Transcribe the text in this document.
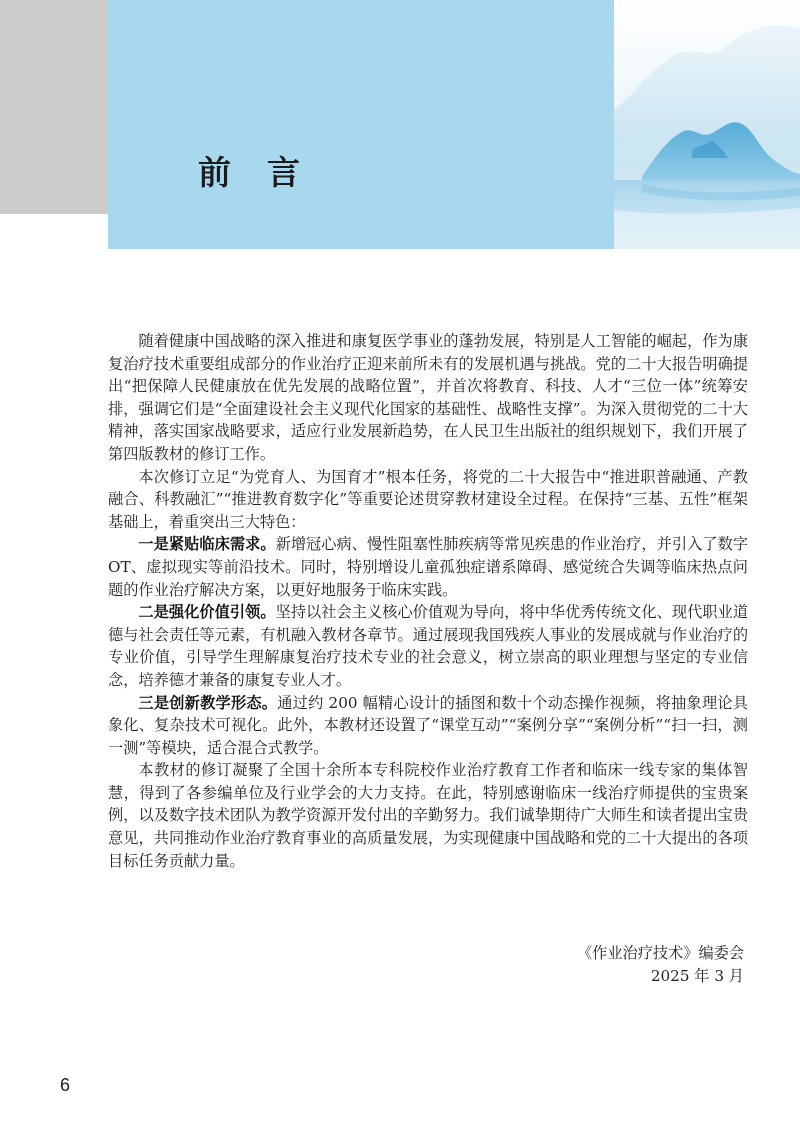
前言

随着健康中国战略的深入推进和康复医学事业的蓬勃发展，特别是人工智能的崛起，作为康复治疗技术重要组成部分的作业治疗正迎来前所未有的发展机遇与挑战。党的二十大报告明确提出“把保障人民健康放在优先发展的战略位置”，并首次将教育、科技、人才“三位一体”统筹安排，强调它们是“全面建设社会主义现代化国家的基础性、战略性支撑”。为深入贯彻党的二十大精神，落实国家战略要求，适应行业发展新趋势，在人民卫生出版社的组织规划下，我们开展了第四版教材的修订工作。

本次修订立足“为党育人、为国育才”根本任务，将党的二十大报告中“推进职普融通、产教融合、科教融汇”“推进教育数字化”等重要论述贯穿教材建设全过程。在保持“三基、五性”框架基础上，着重突出三大特色：

一是紧贴临床需求。新增冠心病、慢性阻塞性肺疾病等常见疾患的作业治疗，并引入了数字OT、虚拟现实等前沿技术。同时，特别增设儿童孤独症谱系障碍、感觉统合失调等临床热点问题的作业治疗解决方案，以更好地服务于临床实践。

二是强化价值引领。坚持以社会主义核心价值观为导向，将中华优秀传统文化、现代职业道德与社会责任等元素，有机融入教材各章节。通过展现我国残疾人事业的发展成就与作业治疗的专业价值，引导学生理解康复治疗技术专业的社会意义，树立崇高的职业理想与坚定的专业信念，培养德才兼备的康复专业人才。

三是创新教学形态。通过约 200 幅精心设计的插图和数十个动态操作视频，将抽象理论具象化、复杂技术可视化。此外，本教材还设置了“课堂互动”“案例分享”“案例分析”“扫一扫，测一测”等模块，适合混合式教学。

本教材的修订凝聚了全国十余所本专科院校作业治疗教育工作者和临床一线专家的集体智慧，得到了各参编单位及行业学会的大力支持。在此，特别感谢临床一线治疗师提供的宝贵案例，以及数字技术团队为教学资源开发付出的辛勤努力。我们诚挚期待广大师生和读者提出宝贵意见，共同推动作业治疗教育事业的高质量发展，为实现健康中国战略和党的二十大提出的各项目标任务贡献力量。

《作业治疗技术》编委会
2025 年 3 月
6
